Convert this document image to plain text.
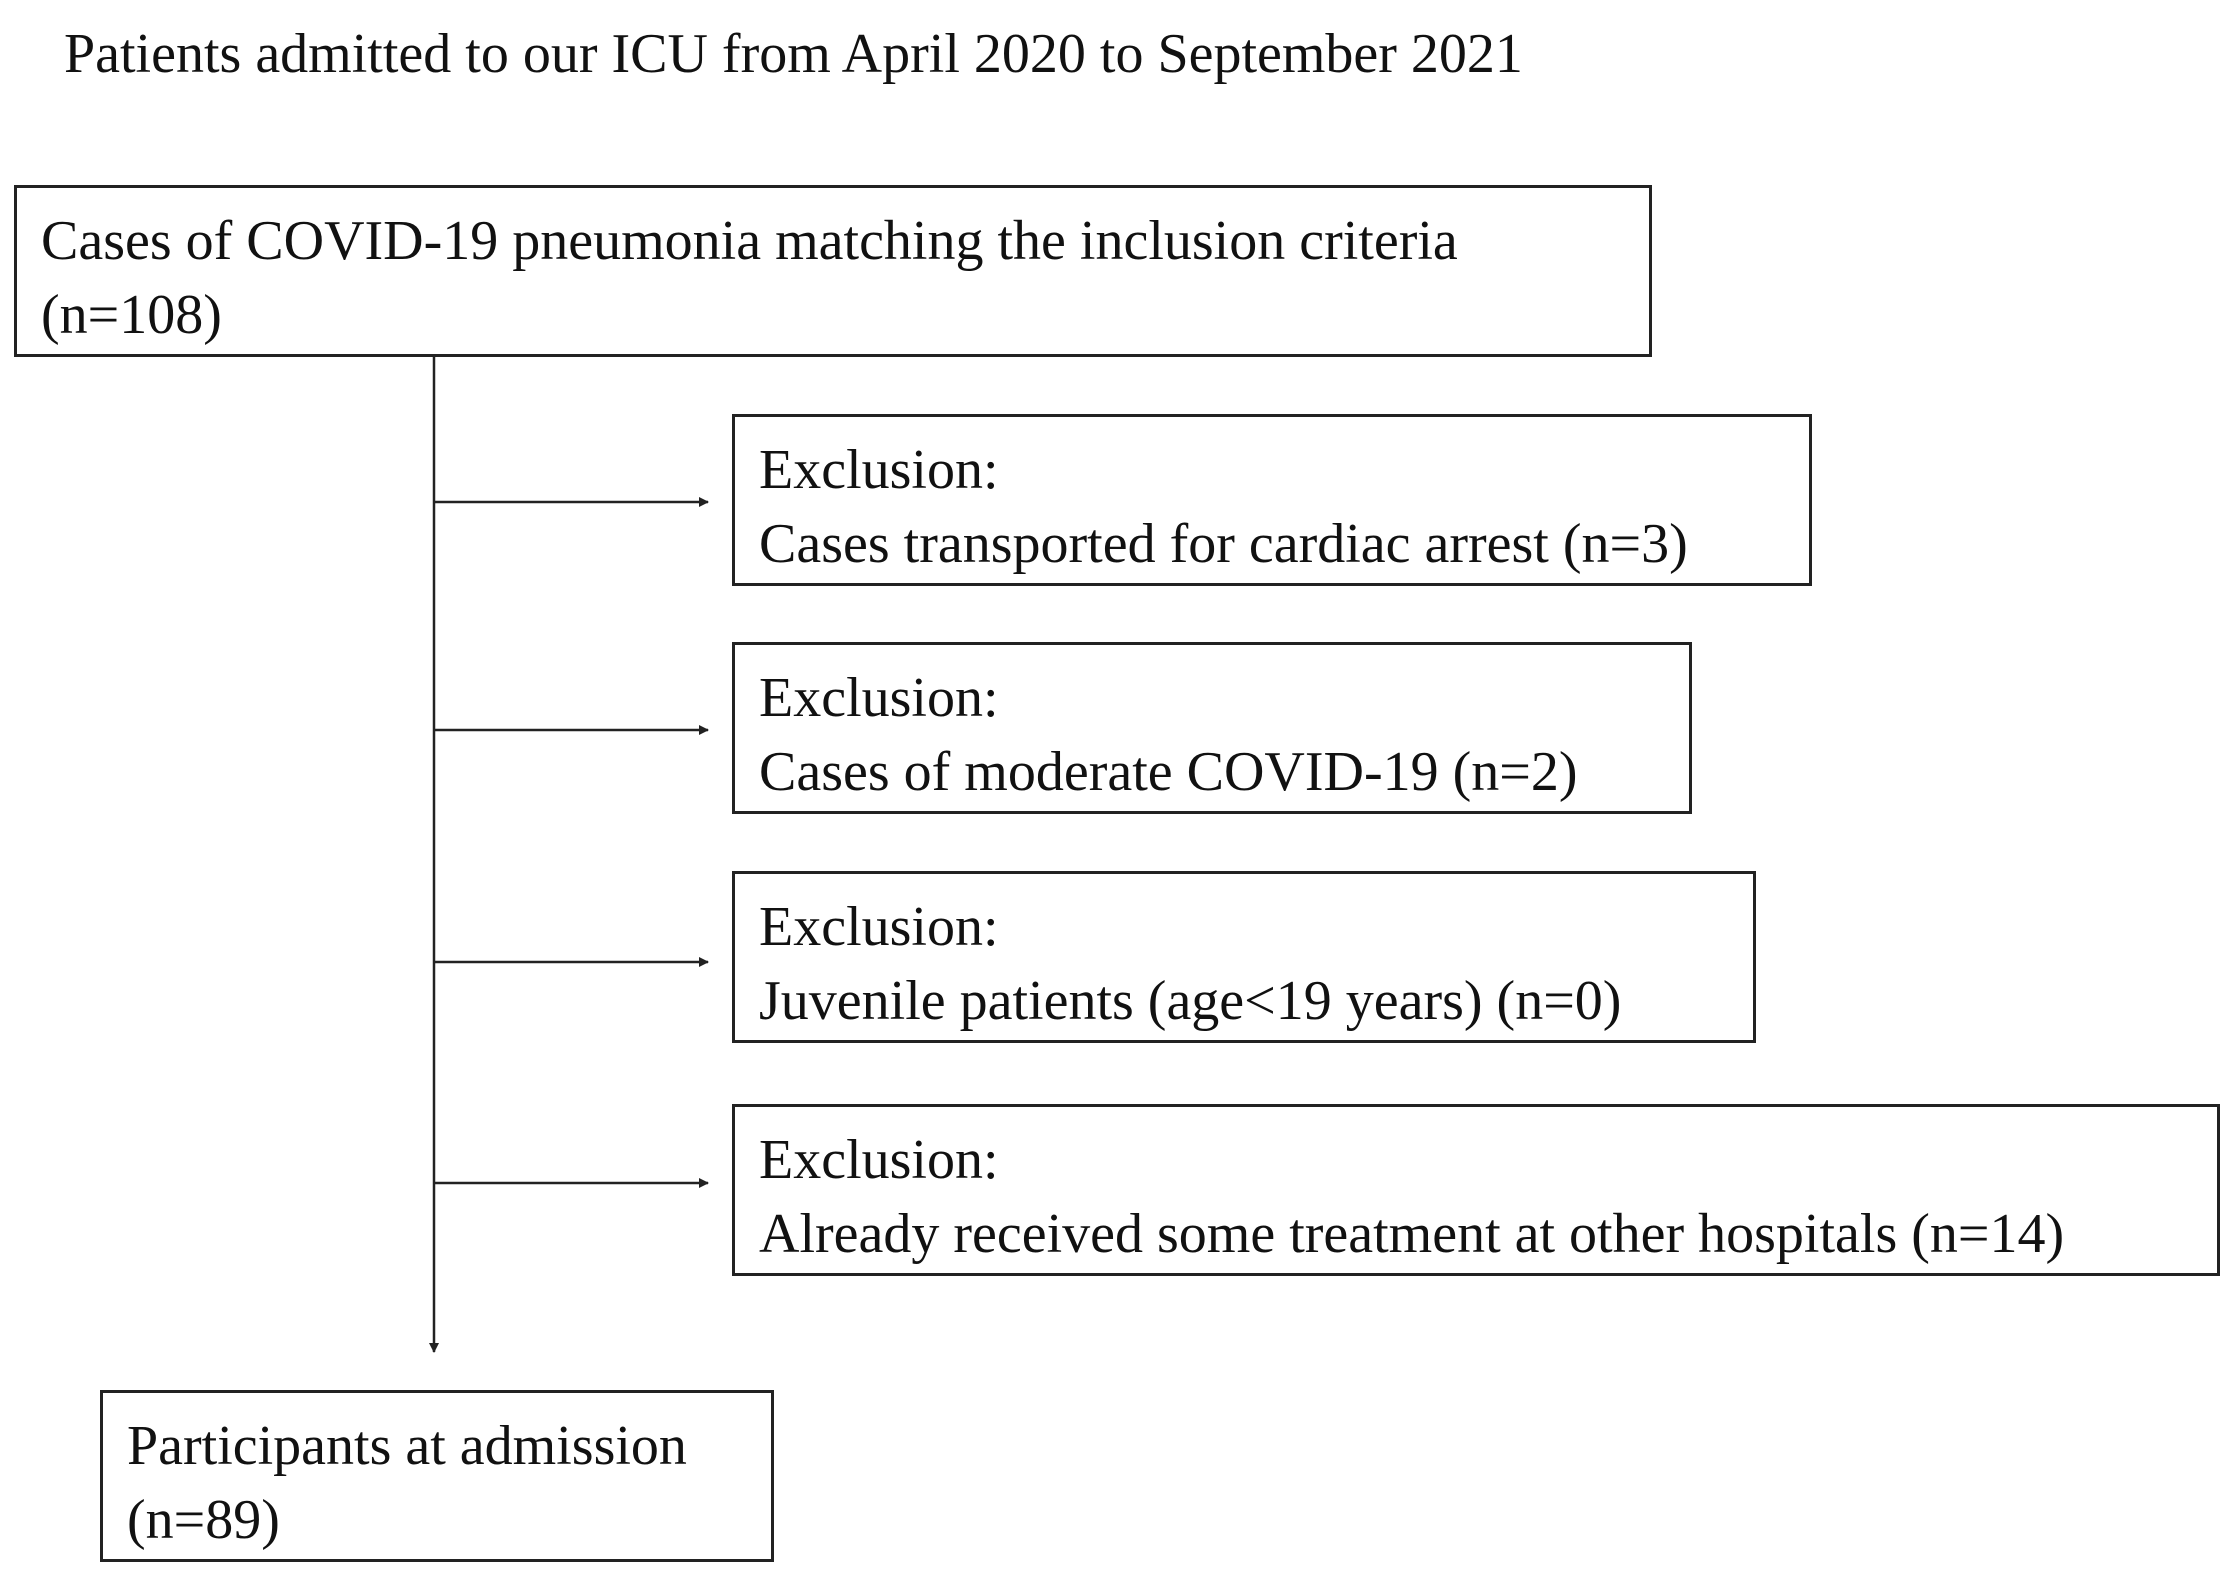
Patients admitted to our ICU from April 2020 to September 2021
Cases of COVID-19 pneumonia matching the inclusion criteria
(n=108)
Exclusion:
Cases transported for cardiac arrest (n=3)
Exclusion:
Cases of moderate COVID-19 (n=2)
Exclusion:
Juvenile patients (age<19 years) (n=0)
Exclusion:
Already received some treatment at other hospitals (n=14)
Participants at admission
(n=89)
